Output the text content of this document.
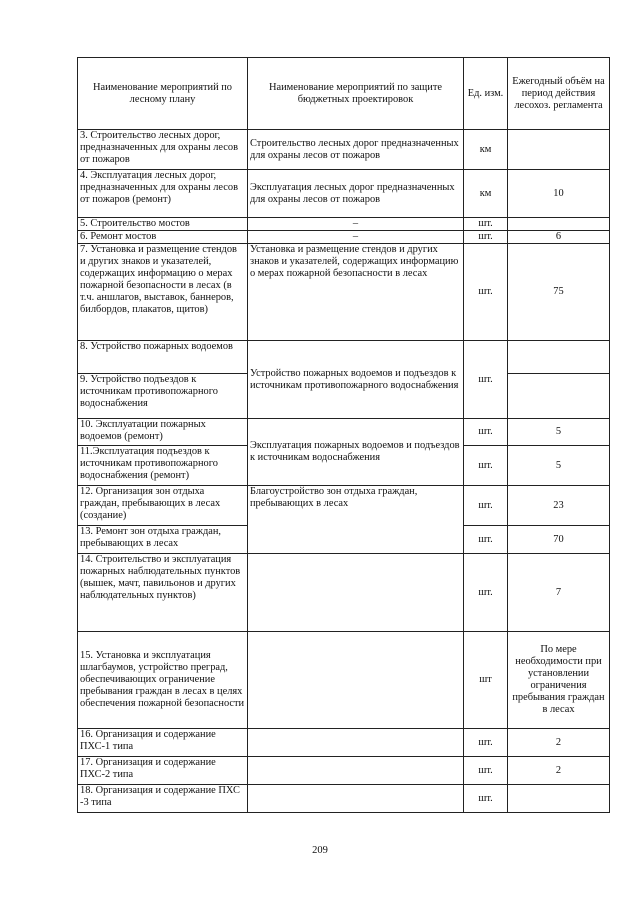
Наименование мероприятий по лесному плану	Наименование мероприятий по защите бюджетных проектировок	Ед. изм.	Ежегодный объём на период действия лесохоз. регламента
3. Строительство лесных дорог, предназначенных для охраны лесов от пожаров	Строительство лесных дорог предназначенных для охраны лесов от пожаров	км	
4. Эксплуатация лесных дорог, предназначенных для охраны лесов от пожаров (ремонт)	Эксплуатация лесных дорог предназначенных для охраны лесов от пожаров	км	10
5. Строительство мостов	–	шт.	
6. Ремонт мостов	–	шт.	6
7. Установка и размещение стендов и других знаков и указателей, содержащих информацию о мерах пожарной безопасности в лесах (в т.ч. аншлагов, выставок, баннеров, билбордов, плакатов, щитов)	Установка и размещение стендов и других знаков и указателей, содержащих информацию о мерах пожарной безопасности в лесах	шт.	75
8. Устройство пожарных водоемов	Устройство пожарных водоемов и подъездов к источникам противопожарного водоснабжения	шт.	
9. Устройство подъездов к источникам противопожарного водоснабжения			
10. Эксплуатации пожарных водоемов (ремонт)	Эксплуатация пожарных водоемов и подъездов к источникам водоснабжения	шт.	5
11.Эксплуатация подъездов к источникам противопожарного водоснабжения (ремонт)		шт.	5
12. Организация зон отдыха граждан, пребывающих в лесах (создание)	Благоустройство зон отдыха граждан, пребывающих в лесах	шт.	23
13. Ремонт зон отдыха граждан, пребывающих в лесах		шт.	70
14. Строительство и эксплуатация пожарных наблюдательных пунктов (вышек, мачт, павильонов и других наблюдательных пунктов)		шт.	7
15. Установка и эксплуатация шлагбаумов, устройство преград, обеспечивающих ограничение пребывания граждан в лесах в целях обеспечения пожарной безопасности		шт	По мере необходимости при установлении ограничения пребывания граждан в лесах
16. Организация и содержание ПХС-1 типа		шт.	2
17. Организация и содержание ПХС-2 типа		шт.	2
18. Организация и содержание ПХС -3 типа		шт.	
209
